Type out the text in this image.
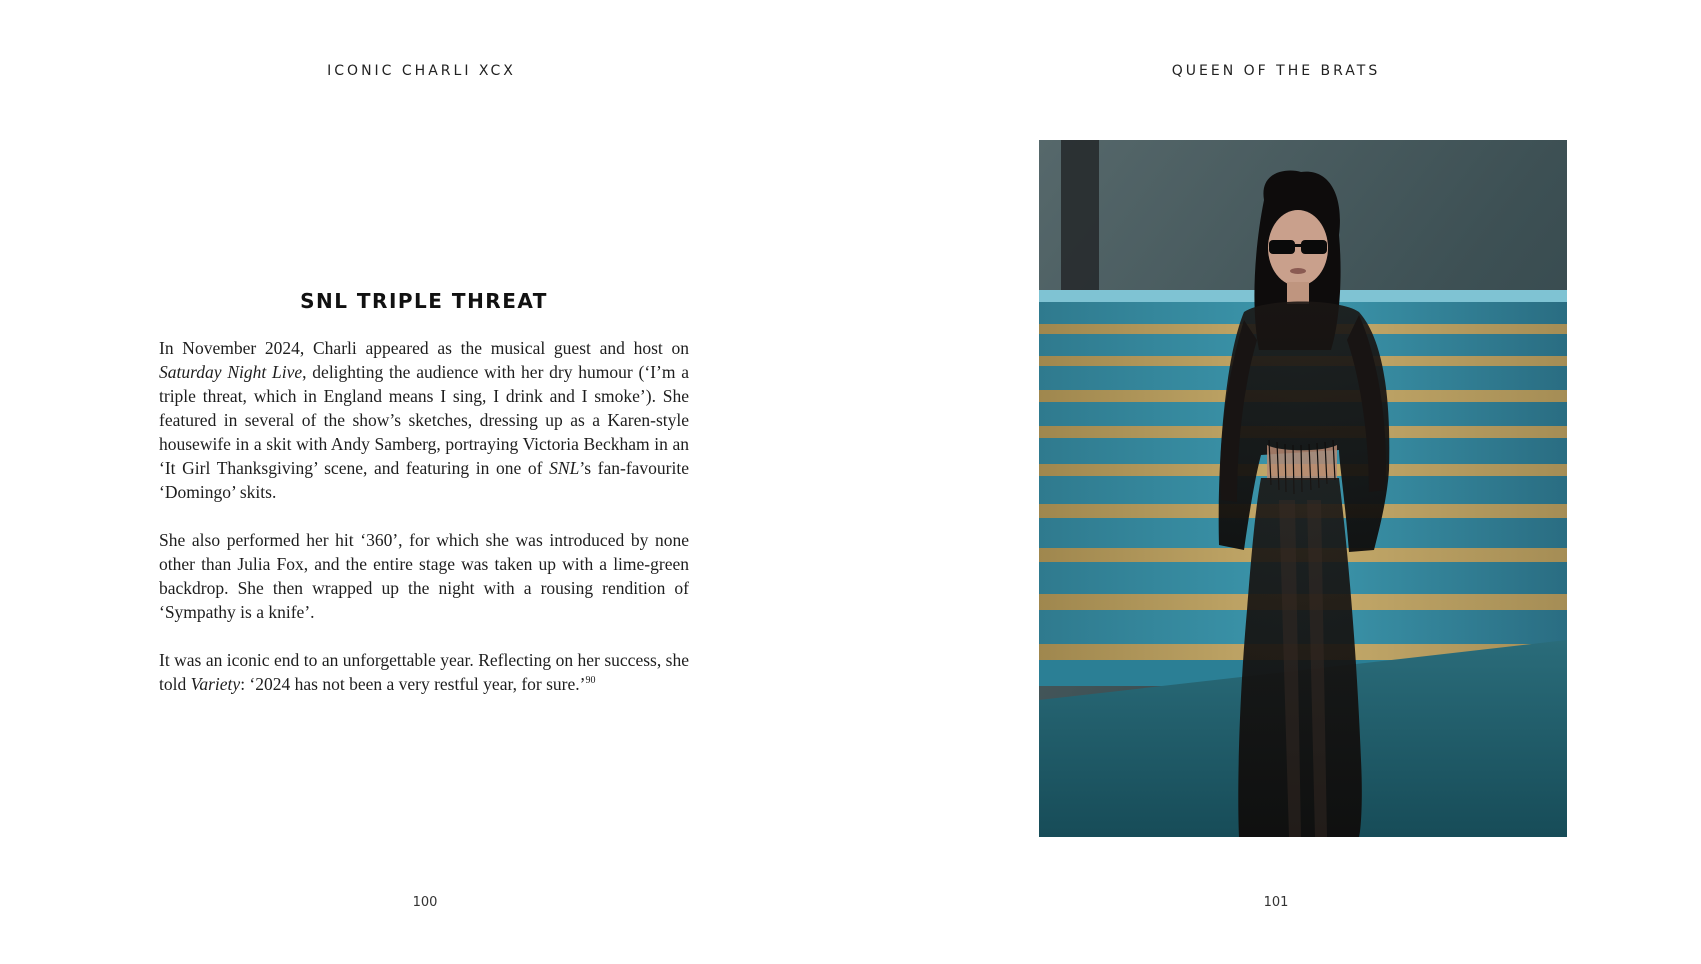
ICONIC CHARLI XCX
SNL TRIPLE THREAT

In November 2024, Charli appeared as the musical guest and host on Saturday Night Live, delighting the audience with her dry humour (‘I’m a triple threat, which in England means I sing, I drink and I smoke’). She featured in several of the show’s sketches, dressing up as a Karen-style housewife in a skit with Andy Samberg, portraying Victoria Beckham in an ‘It Girl Thanksgiving’ scene, and featuring in one of SNL’s fan-favourite ‘Domingo’ skits.

She also performed her hit ‘360’, for which she was introduced by none other than Julia Fox, and the entire stage was taken up with a lime-green backdrop. She then wrapped up the night with a rousing rendition of ‘Sympathy is a knife’.

It was an iconic end to an unforgettable year. Reflecting on her success, she told Variety: ‘2024 has not been a very restful year, for sure.’$^{90}$

100
QUEEN OF THE BRATS
101
